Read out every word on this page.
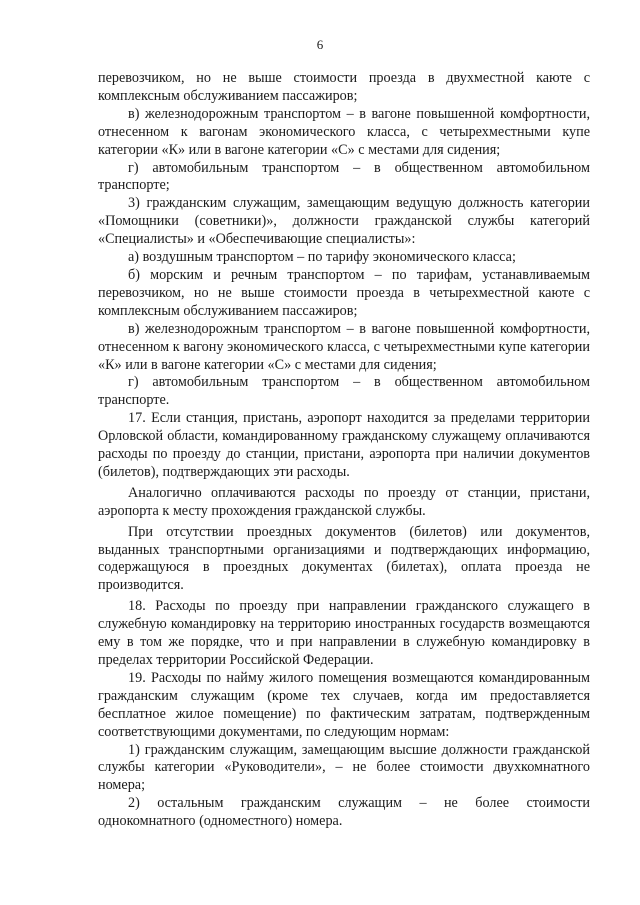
6

перевозчиком, но не выше стоимости проезда в двухместной каюте с комплексным обслуживанием пассажиров;

в) железнодорожным транспортом – в вагоне повышенной комфортности, отнесенном к вагонам экономического класса, с четырехместными купе категории «К» или в вагоне категории «С» с местами для сидения;

г) автомобильным транспортом – в общественном автомобильном транспорте;

3) гражданским служащим, замещающим ведущую должность категории «Помощники (советники)», должности гражданской службы категорий «Специалисты» и «Обеспечивающие специалисты»:

а) воздушным транспортом – по тарифу экономического класса;

б) морским и речным транспортом – по тарифам, устанавливаемым перевозчиком, но не выше стоимости проезда в четырехместной каюте с комплексным обслуживанием пассажиров;

в) железнодорожным транспортом – в вагоне повышенной комфортности, отнесенном к вагону экономического класса, с четырехместными купе категории «К» или в вагоне категории «С» с местами для сидения;

г) автомобильным транспортом – в общественном автомобильном транспорте.

17. Если станция, пристань, аэропорт находится за пределами территории Орловской области, командированному гражданскому служащему оплачиваются расходы по проезду до станции, пристани, аэропорта при наличии документов (билетов), подтверждающих эти расходы.

Аналогично оплачиваются расходы по проезду от станции, пристани, аэропорта к месту прохождения гражданской службы.

При отсутствии проездных документов (билетов) или документов, выданных транспортными организациями и подтверждающих информацию, содержащуюся в проездных документах (билетах), оплата проезда не производится.

18. Расходы по проезду при направлении гражданского служащего в служебную командировку на территорию иностранных государств возмещаются ему в том же порядке, что и при направлении в служебную командировку в пределах территории Российской Федерации.

19. Расходы по найму жилого помещения возмещаются командированным гражданским служащим (кроме тех случаев, когда им предоставляется бесплатное жилое помещение) по фактическим затратам, подтвержденным соответствующими документами, по следующим нормам:

1) гражданским служащим, замещающим высшие должности гражданской службы категории «Руководители», – не более стоимости двухкомнатного номера;

2) остальным гражданским служащим – не более стоимости однокомнатного (одноместного) номера.
